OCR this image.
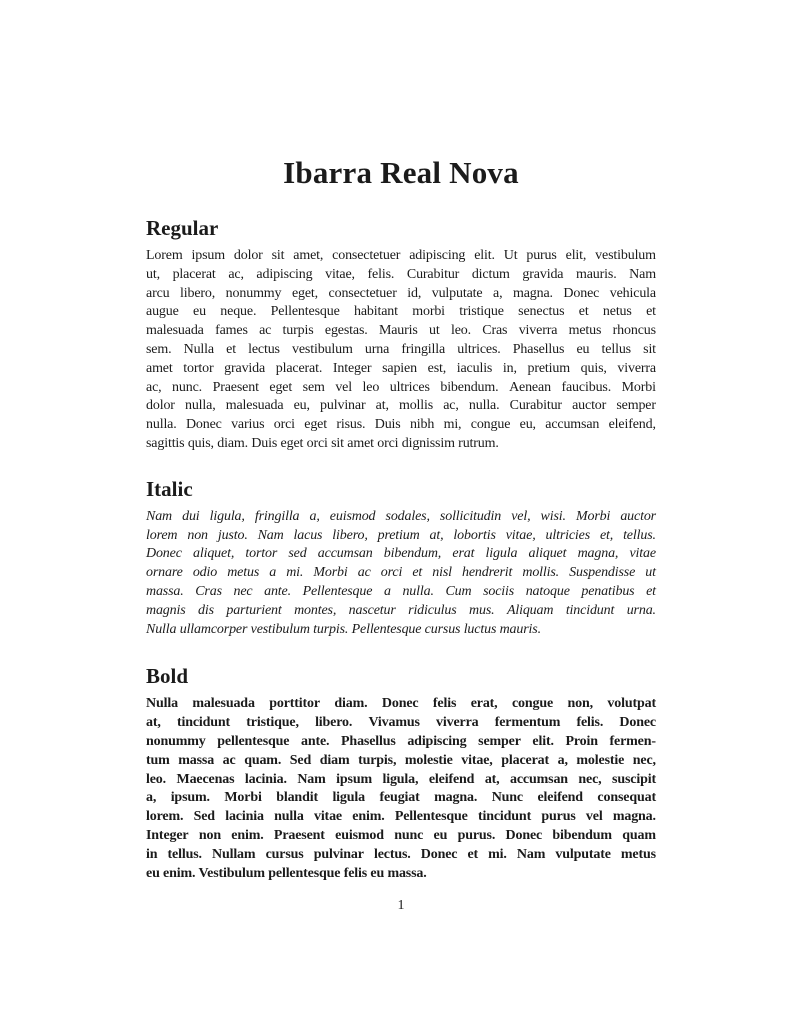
Ibarra Real Nova
Regular
Lorem ipsum dolor sit amet, consectetuer adipiscing elit. Ut purus elit, vestibulum
ut, placerat ac, adipiscing vitae, felis. Curabitur dictum gravida mauris. Nam
arcu libero, nonummy eget, consectetuer id, vulputate a, magna. Donec vehicula
augue eu neque. Pellentesque habitant morbi tristique senectus et netus et
malesuada fames ac turpis egestas. Mauris ut leo. Cras viverra metus rhoncus
sem. Nulla et lectus vestibulum urna fringilla ultrices. Phasellus eu tellus sit
amet tortor gravida placerat. Integer sapien est, iaculis in, pretium quis, viverra
ac, nunc. Praesent eget sem vel leo ultrices bibendum. Aenean faucibus. Morbi
dolor nulla, malesuada eu, pulvinar at, mollis ac, nulla. Curabitur auctor semper
nulla. Donec varius orci eget risus. Duis nibh mi, congue eu, accumsan eleifend,
sagittis quis, diam. Duis eget orci sit amet orci dignissim rutrum.
Italic
Nam dui ligula, fringilla a, euismod sodales, sollicitudin vel, wisi. Morbi auctor
lorem non justo. Nam lacus libero, pretium at, lobortis vitae, ultricies et, tellus.
Donec aliquet, tortor sed accumsan bibendum, erat ligula aliquet magna, vitae
ornare odio metus a mi. Morbi ac orci et nisl hendrerit mollis. Suspendisse ut
massa. Cras nec ante. Pellentesque a nulla. Cum sociis natoque penatibus et
magnis dis parturient montes, nascetur ridiculus mus. Aliquam tincidunt urna.
Nulla ullamcorper vestibulum turpis. Pellentesque cursus luctus mauris.
Bold
Nulla malesuada porttitor diam. Donec felis erat, congue non, volutpat
at, tincidunt tristique, libero. Vivamus viverra fermentum felis. Donec
nonummy pellentesque ante. Phasellus adipiscing semper elit. Proin fermen-
tum massa ac quam. Sed diam turpis, molestie vitae, placerat a, molestie nec,
leo. Maecenas lacinia. Nam ipsum ligula, eleifend at, accumsan nec, suscipit
a, ipsum. Morbi blandit ligula feugiat magna. Nunc eleifend consequat
lorem. Sed lacinia nulla vitae enim. Pellentesque tincidunt purus vel magna.
Integer non enim. Praesent euismod nunc eu purus. Donec bibendum quam
in tellus. Nullam cursus pulvinar lectus. Donec et mi. Nam vulputate metus
eu enim. Vestibulum pellentesque felis eu massa.
1
